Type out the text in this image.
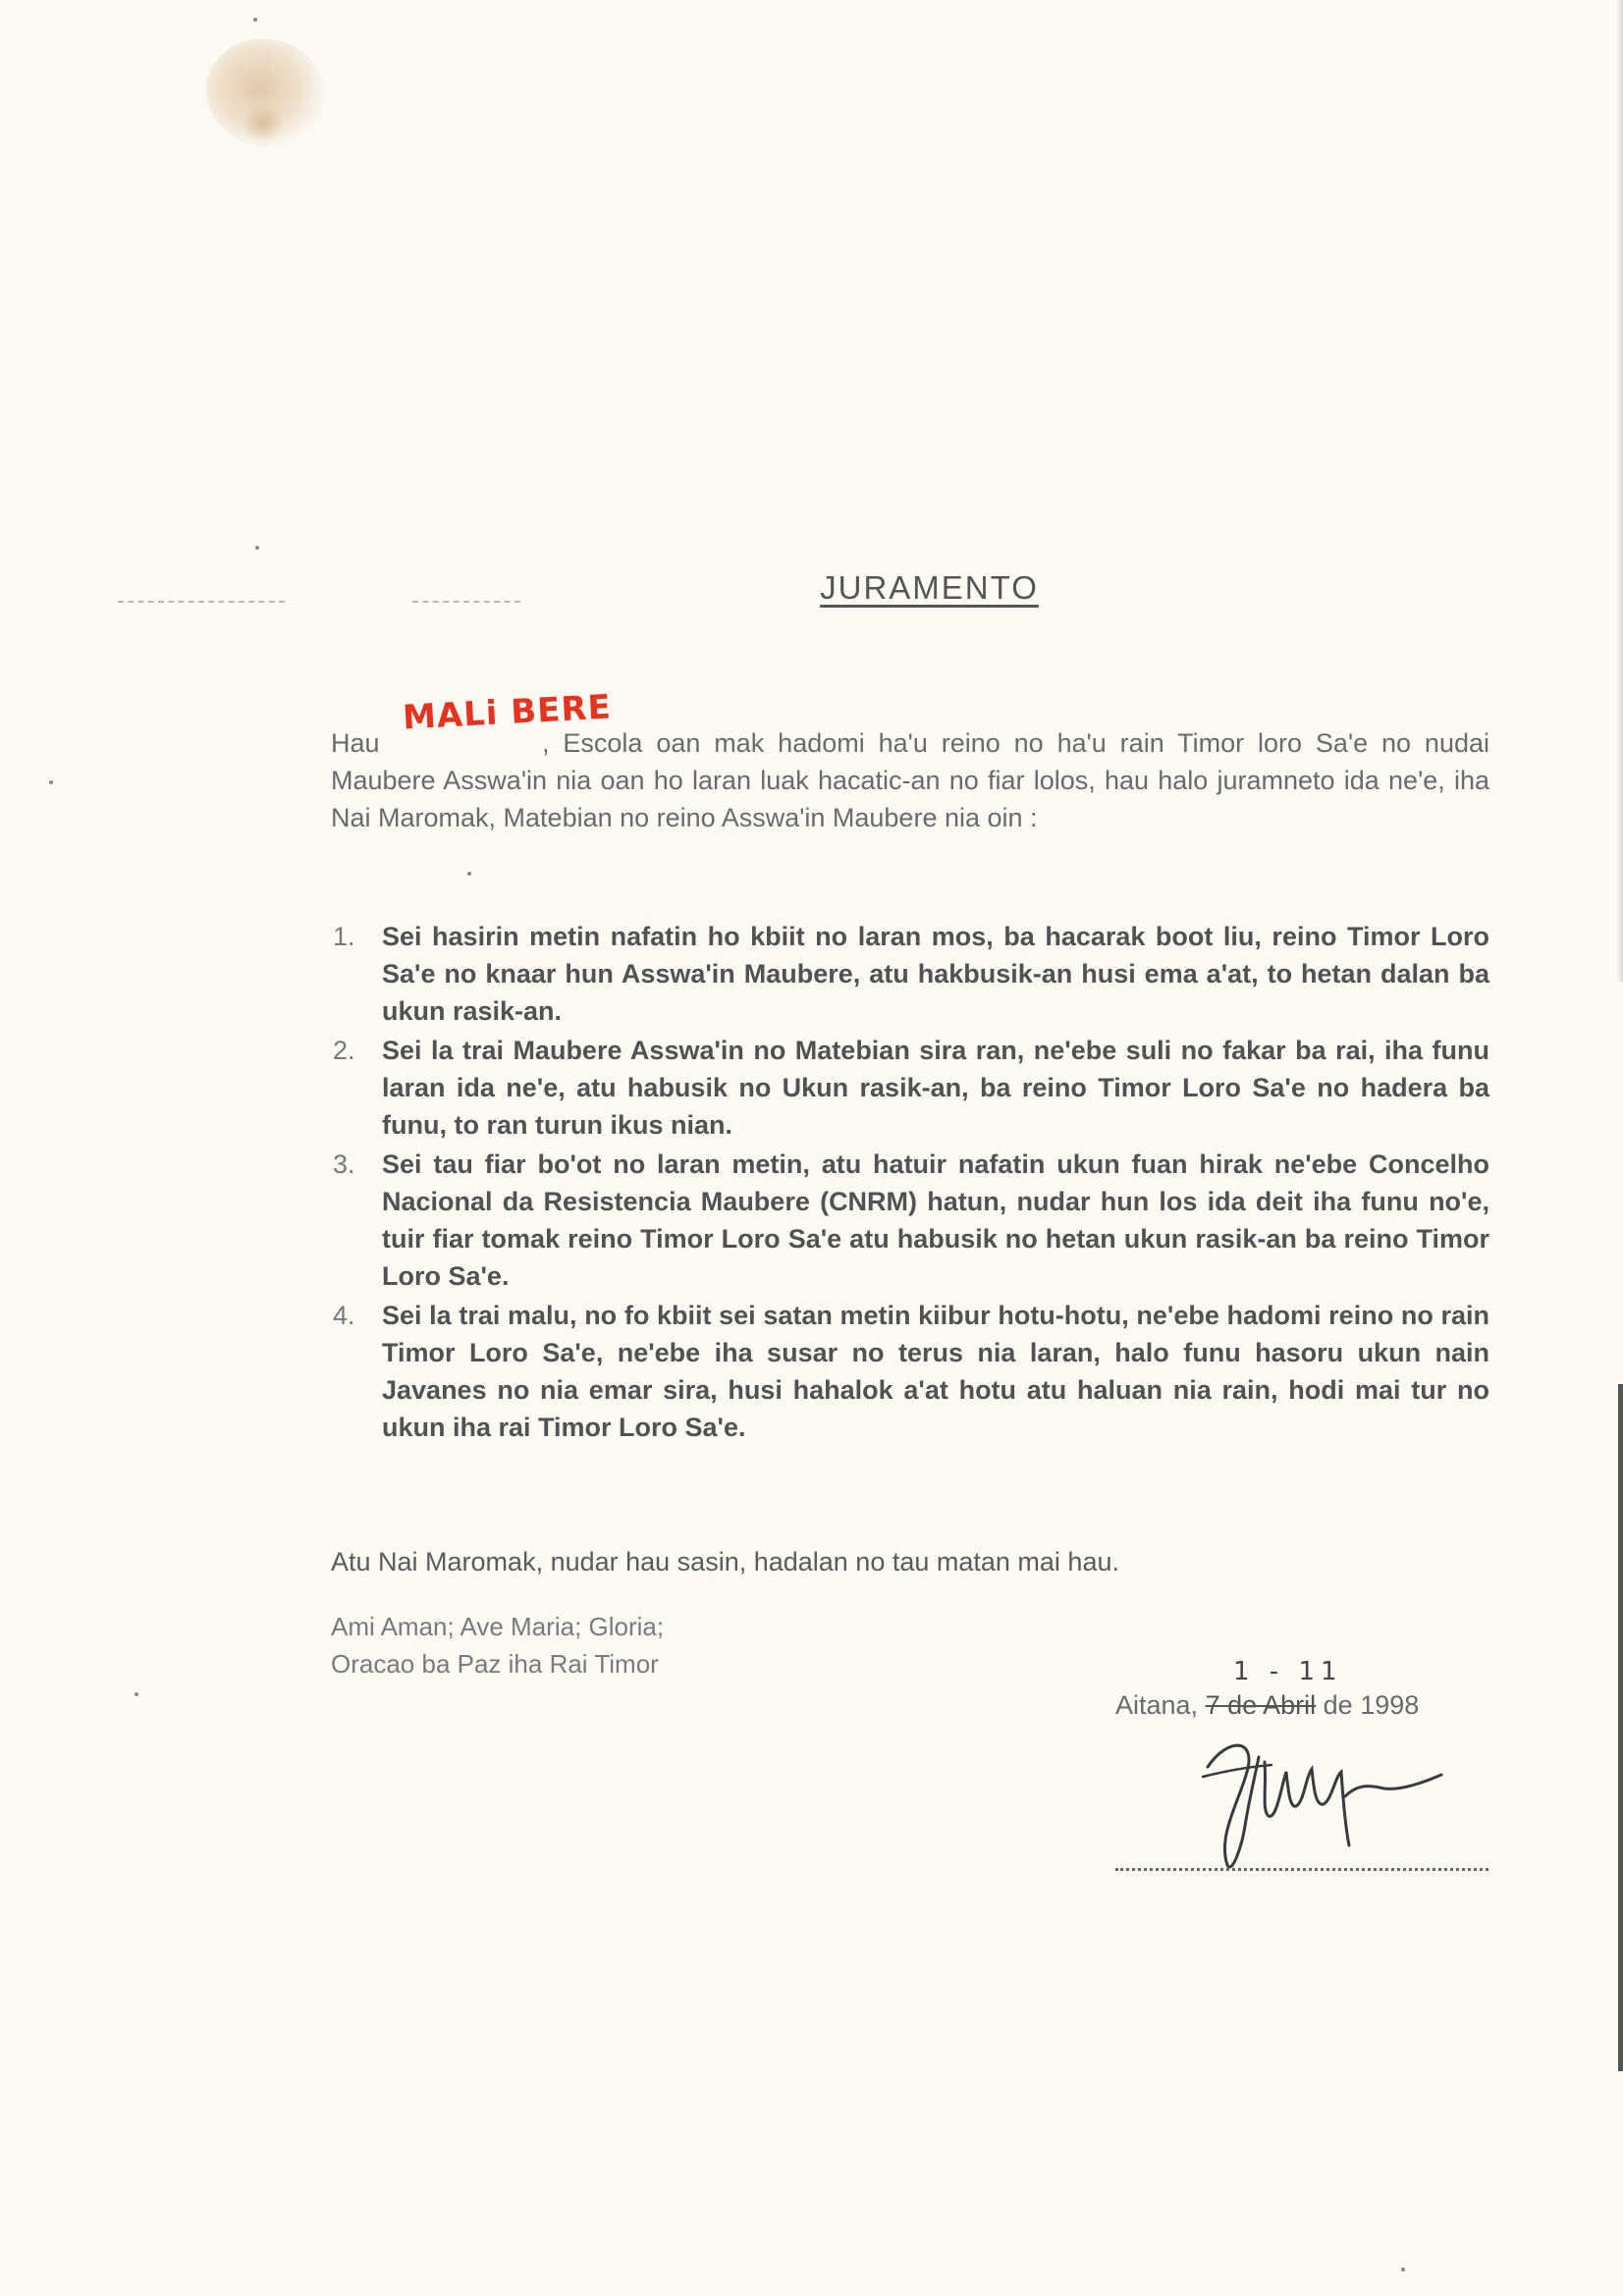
JURAMENTO
MALi BERE
Hau	, Escola oan mak hadomi ha'u reino no ha'u rain Timor loro Sa'e no nudai Maubere Asswa'in nia oan ho laran luak hacatic-an no fiar lolos, hau halo juramneto ida ne'e, iha Nai Maromak, Matebian no reino Asswa'in Maubere nia oin :
1. Sei hasirin metin nafatin ho kbiit no laran mos, ba hacarak boot liu, reino Timor Loro Sa'e no knaar hun Asswa'in Maubere, atu hakbusik-an husi ema a'at, to hetan dalan ba ukun rasik-an.
2. Sei la trai Maubere Asswa'in no Matebian sira ran, ne'ebe suli no fakar ba rai, iha funu laran ida ne'e, atu habusik no Ukun rasik-an, ba reino Timor Loro Sa'e no hadera ba funu, to ran turun ikus nian.
3. Sei tau fiar bo'ot no laran metin, atu hatuir nafatin ukun fuan hirak ne'ebe Concelho Nacional da Resistencia Maubere (CNRM) hatun, nudar hun los ida deit iha funu no'e, tuir fiar tomak reino Timor Loro Sa'e atu habusik no hetan ukun rasik-an ba reino Timor Loro Sa'e.
4. Sei la trai malu, no fo kbiit sei satan metin kiibur hotu-hotu, ne'ebe hadomi reino no rain Timor Loro Sa'e, ne'ebe iha susar no terus nia laran, halo funu hasoru ukun nain Javanes no nia emar sira, husi hahalok a'at hotu atu haluan nia rain, hodi mai tur no ukun iha rai Timor Loro Sa'e.
Atu Nai Maromak, nudar hau sasin, hadalan no tau matan mai hau.
Ami Aman; Ave Maria; Gloria;
Oracao ba Paz iha Rai Timor	1 - 11
Aitana, 7 de Abril de 1998
